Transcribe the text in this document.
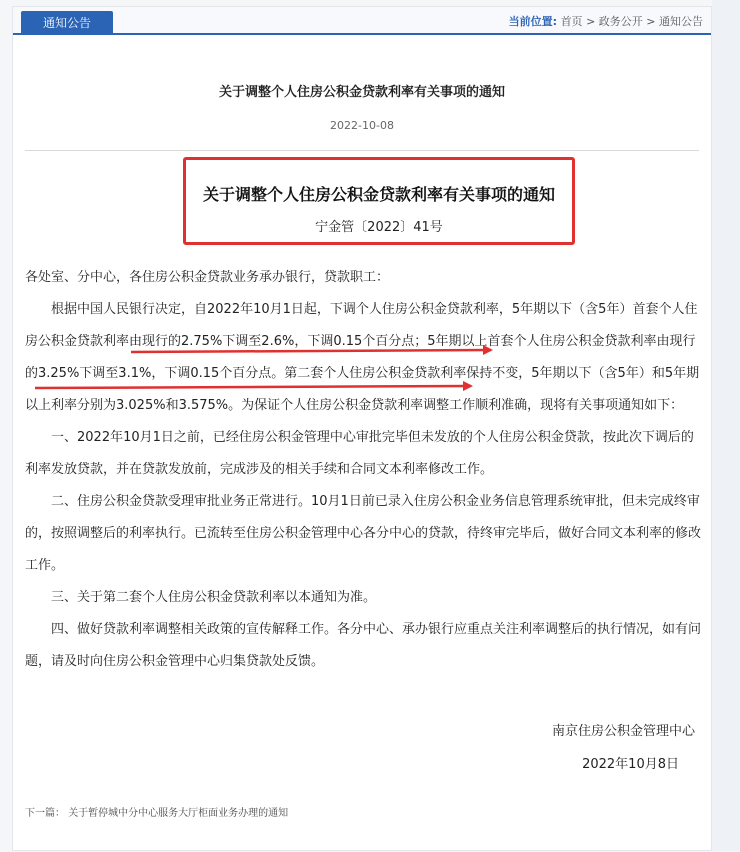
通知公告	当前位置: 首页 > 政务公开 > 通知公告
关于调整个人住房公积金贷款利率有关事项的通知
2022-10-08
关于调整个人住房公积金贷款利率有关事项的通知
宁金管〔2022〕41号
各处室、分中心，各住房公积金贷款业务承办银行，贷款职工：
根据中国人民银行决定，自2022年10月1日起，下调个人住房公积金贷款利率，5年期以下（含5年）首套个人住房公积金贷款利率由现行的2.75%下调至2.6%，下调0.15个百分点；5年期以上首套个人住房公积金贷款利率由现行的3.25%下调至3.1%，下调0.15个百分点。第二套个人住房公积金贷款利率保持不变，5年期以下（含5年）和5年期以上利率分别为3.025%和3.575%。为保证个人住房公积金贷款利率调整工作顺利准确，现将有关事项通知如下：
一、2022年10月1日之前，已经住房公积金管理中心审批完毕但未发放的个人住房公积金贷款，按此次下调后的利率发放贷款，并在贷款发放前，完成涉及的相关手续和合同文本利率修改工作。
二、住房公积金贷款受理审批业务正常进行。10月1日前已录入住房公积金业务信息管理系统审批，但未完成终审的，按照调整后的利率执行。已流转至住房公积金管理中心各分中心的贷款，待终审完毕后，做好合同文本利率的修改工作。
三、关于第二套个人住房公积金贷款利率以本通知为准。
四、做好贷款利率调整相关政策的宣传解释工作。各分中心、承办银行应重点关注利率调整后的执行情况，如有问题，请及时向住房公积金管理中心归集贷款处反馈。
南京住房公积金管理中心
2022年10月8日
下一篇： 关于暂停城中分中心服务大厅柜面业务办理的通知
